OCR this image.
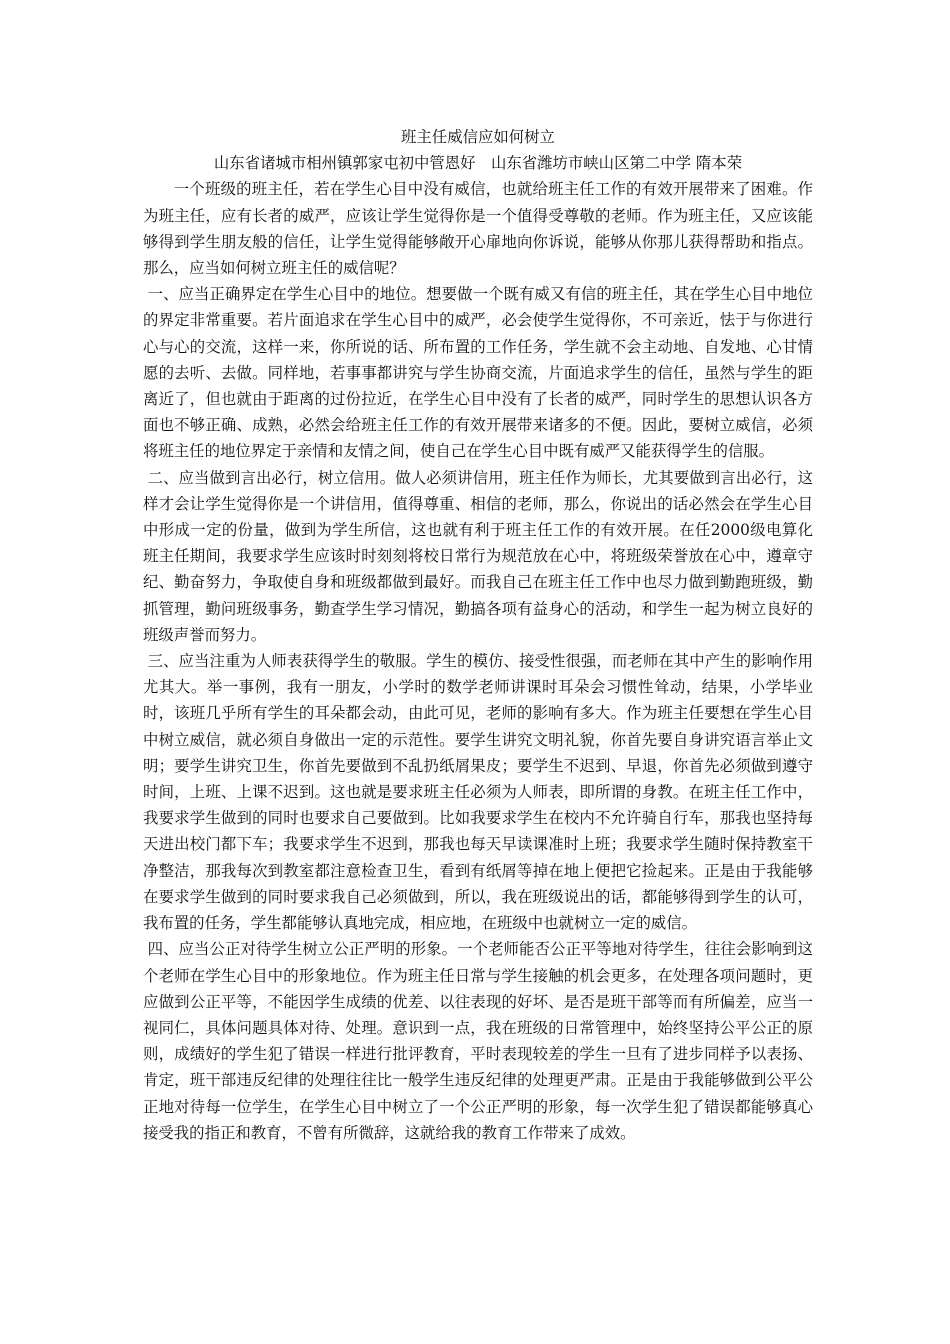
班主任威信应如何树立

山东省诸城市相州镇郭家屯初中管恩好　山东省潍坊市峡山区第二中学 隋本荣

一个班级的班主任，若在学生心目中没有威信，也就给班主任工作的有效开展带来了困难。作为班主任，应有长者的威严，应该让学生觉得你是一个值得受尊敬的老师。作为班主任，又应该能够得到学生朋友般的信任，让学生觉得能够敞开心扉地向你诉说，能够从你那儿获得帮助和指点。 那么，应当如何树立班主任的威信呢？

一、应当正确界定在学生心目中的地位。想要做一个既有威又有信的班主任，其在学生心目中地位的界定非常重要。若片面追求在学生心目中的威严，必会使学生觉得你，不可亲近，怯于与你进行心与心的交流，这样一来，你所说的话、所布置的工作任务，学生就不会主动地、自发地、心甘情愿的去听、去做。同样地，若事事都讲究与学生协商交流，片面追求学生的信任，虽然与学生的距离近了，但也就由于距离的过份拉近，在学生心目中没有了长者的威严，同时学生的思想认识各方面也不够正确、成熟，必然会给班主任工作的有效开展带来诸多的不便。因此，要树立威信，必须将班主任的地位界定于亲情和友情之间，使自己在学生心目中既有威严又能获得学生的信服。

二、应当做到言出必行，树立信用。做人必须讲信用，班主任作为师长，尤其要做到言出必行，这样才会让学生觉得你是一个讲信用，值得尊重、相信的老师，那么，你说出的话必然会在学生心目中形成一定的份量，做到为学生所信，这也就有利于班主任工作的有效开展。在任2000级电算化班主任期间，我要求学生应该时时刻刻将校日常行为规范放在心中，将班级荣誉放在心中，遵章守纪、勤奋努力，争取使自身和班级都做到最好。而我自己在班主任工作中也尽力做到勤跑班级，勤抓管理，勤问班级事务，勤查学生学习情况，勤搞各项有益身心的活动，和学生一起为树立良好的班级声誉而努力。

三、应当注重为人师表获得学生的敬服。学生的模仿、接受性很强，而老师在其中产生的影响作用尤其大。举一事例，我有一朋友，小学时的数学老师讲课时耳朵会习惯性耸动，结果，小学毕业时，该班几乎所有学生的耳朵都会动，由此可见，老师的影响有多大。作为班主任要想在学生心目中树立威信，就必须自身做出一定的示范性。要学生讲究文明礼貌，你首先要自身讲究语言举止文明；要学生讲究卫生，你首先要做到不乱扔纸屑果皮；要学生不迟到、早退，你首先必须做到遵守时间，上班、上课不迟到。这也就是要求班主任必须为人师表，即所谓的身教。在班主任工作中，我要求学生做到的同时也要求自己要做到。比如我要求学生在校内不允许骑自行车，那我也坚持每天进出校门都下车；我要求学生不迟到，那我也每天早读课准时上班；我要求学生随时保持教室干净整洁，那我每次到教室都注意检查卫生，看到有纸屑等掉在地上便把它捡起来。正是由于我能够在要求学生做到的同时要求我自己必须做到，所以，我在班级说出的话，都能够得到学生的认可，我布置的任务，学生都能够认真地完成，相应地，在班级中也就树立一定的威信。

四、应当公正对待学生树立公正严明的形象。一个老师能否公正平等地对待学生，往往会影响到这个老师在学生心目中的形象地位。作为班主任日常与学生接触的机会更多，在处理各项问题时，更应做到公正平等，不能因学生成绩的优差、以往表现的好坏、是否是班干部等而有所偏差，应当一视同仁，具体问题具体对待、处理。意识到一点，我在班级的日常管理中，始终坚持公平公正的原则，成绩好的学生犯了错误一样进行批评教育，平时表现较差的学生一旦有了进步同样予以表扬、肯定，班干部违反纪律的处理往往比一般学生违反纪律的处理更严肃。正是由于我能够做到公平公正地对待每一位学生，在学生心目中树立了一个公正严明的形象，每一次学生犯了错误都能够真心接受我的指正和教育，不曾有所微辞，这就给我的教育工作带来了成效。
